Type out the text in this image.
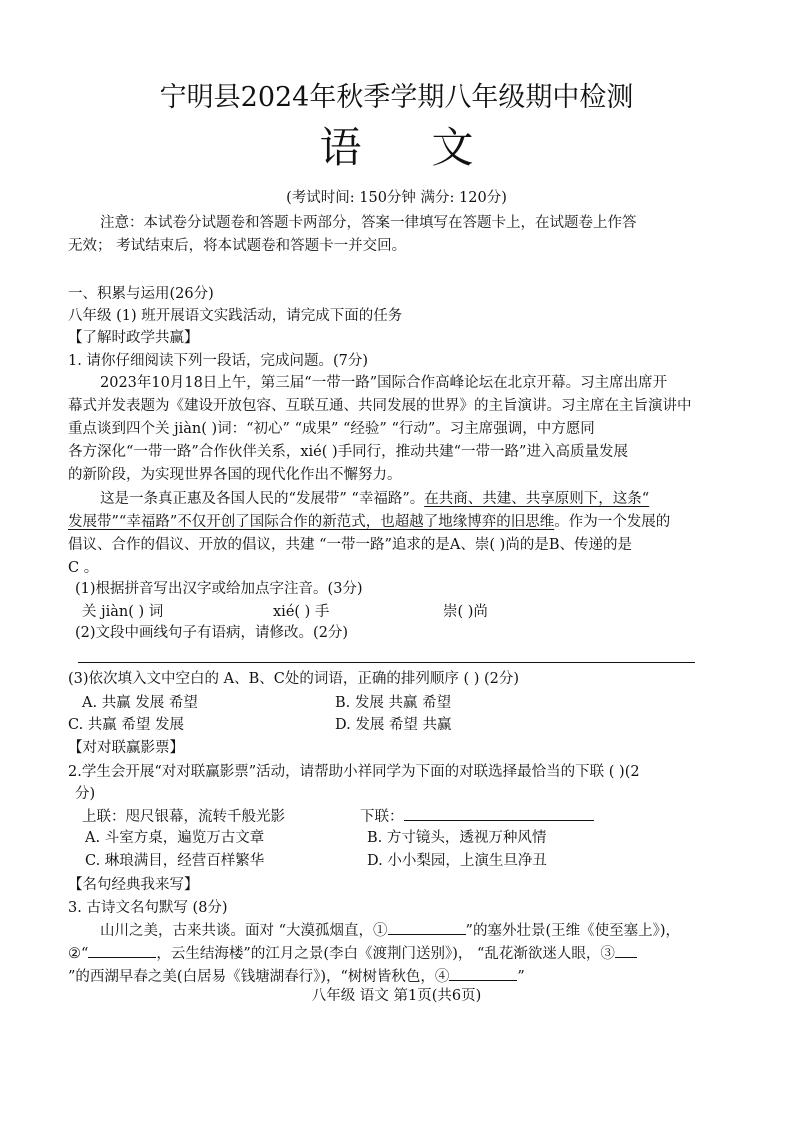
宁明县2024年秋季学期八年级期中检测
语文
(考试时间: 150分钟 满分: 120分)
注意：本试卷分试题卷和答题卡两部分，答案一律填写在答题卡上，在试题卷上作答
无效； 考试结束后，将本试题卷和答题卡一并交回。
一、积累与运用(26分)
八年级 (1) 班开展语文实践活动，请完成下面的任务
【了解时政学共赢】
1. 请你仔细阅读下列一段话，完成问题。(7分)
2023年10月18日上午，第三届“一带一路”国际合作高峰论坛在北京开幕。习主席出席开
幕式并发表题为《建设开放包容、互联互通、共同发展的世界》的主旨演讲。习主席在主旨演讲中
重点谈到四个关 jiàn( )词：“初心” “成果” “经验” “行动”。习主席强调，中方愿同
各方深化“一带一路”合作伙伴关系，xié( )手同行，推动共建“一带一路”进入高质量发展
的新阶段，为实现世界各国的现代化作出不懈努力。
这是一条真正惠及各国人民的“发展带” “幸福路”。在共商、共建、共享原则下，这条“
发展带”“幸福路”不仅开创了国际合作的新范式，也超越了地缘博弈的旧思维。作为一个发展的
倡议、合作的倡议、开放的倡议，共建 “一带一路”追求的是A、崇( )尚的是B、传递的是
C 。
(1)根据拼音写出汉字或给加点字注音。(3分)
关 jiàn( ) 词	xié( ) 手	崇( )尚
(2)文段中画线句子有语病，请修改。(2分)
(3)依次填入文中空白的 A、B、C处的词语，正确的排列顺序 ( ) (2分)
A. 共赢 发展 希望	B. 发展 共赢 希望
C. 共赢 希望 发展	D. 发展 希望 共赢
【对对联赢影票】
2.学生会开展“对对联赢影票”活动，请帮助小祥同学为下面的对联选择最恰当的下联 ( )(2
分)
上联：咫尺银幕，流转千般光影	下联：
A. 斗室方桌，遍览万古文章	B. 方寸镜头，透视万种风情
C. 琳琅满目，经营百样繁华	D. 小小梨园，上演生旦净丑
【名句经典我来写】
3. 古诗文名句默写 (8分)
山川之美，古来共谈。面对 “大漠孤烟直，①	”的塞外壮景(王维《使至塞上》)，
②“	，云生结海楼”的江月之景(李白《渡荆门送别》)， “乱花渐欲迷人眼，③
”的西湖早春之美(白居易《钱塘湖春行》)，“树树皆秋色，④	”
八年级 语文 第1页(共6页)
